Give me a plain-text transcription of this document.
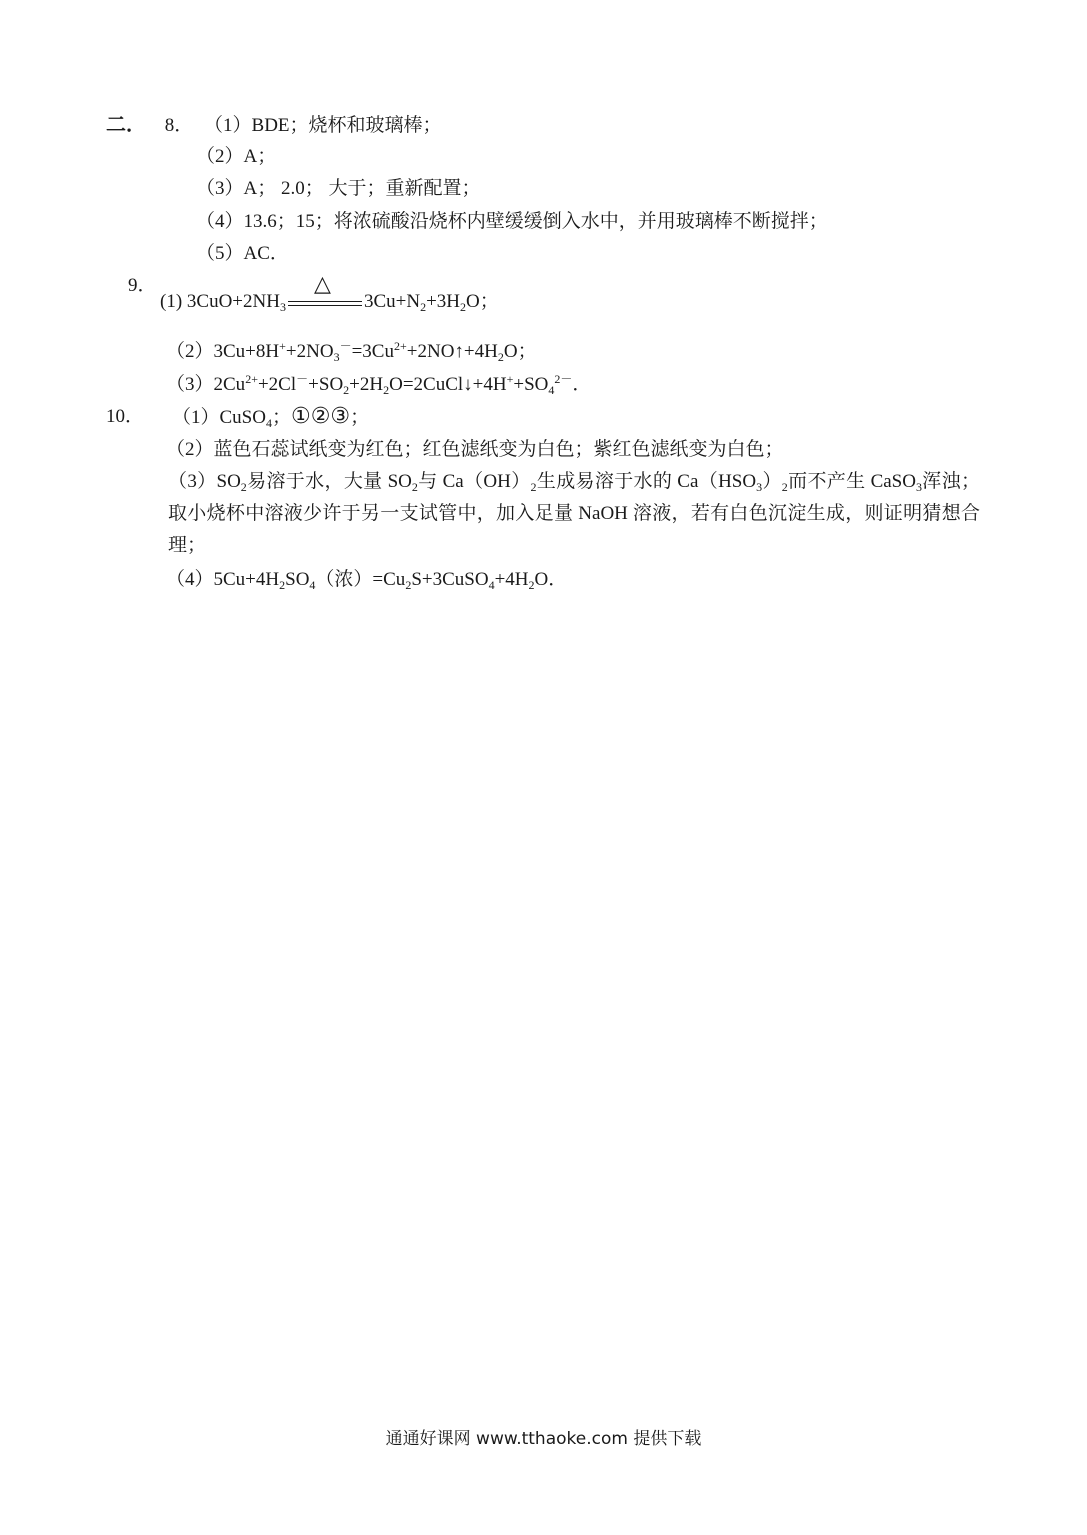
二． 8． （1）BDE；烧杯和玻璃棒；
（2）A；
（3）A； 2.0； 大于；重新配置；
（4）13.6；15；将浓硫酸沿烧杯内壁缓缓倒入水中，并用玻璃棒不断搅拌；
（5）AC．
9．
(1) $3CuO+2NH_3$
△
$3Cu+N_2+3H_2O$；
$(2)3Cu+8H^++2NO_3^-=3Cu^{2+}+2NO↑+4H_2O$；
$(3)2Cu^{2+}+2Cl^-+SO_2+2H_2O=2CuCl↓+4H^++SO_4^{2-}$．
10． （1）CuSO$_4$；①②③；
（2）蓝色石蕊试纸变为红色；红色滤纸变为白色；紫红色滤纸变为白色；
$(3)SO_2$易溶于水，大量 $SO_2$与 $Ca(OH)_2$生成易溶于水的 $Ca(HSO_3)_2$而不产生 CaSO$_3$浑浊；取小烧杯中溶液少许于另一支试管中，加入足量 NaOH 溶液，若有白色沉淀生成，则证明猜想合理；
$(4)5Cu+4H_2SO_4$（浓）$=Cu_2S+3CuSO_4+4H_2O$．
通通好课网 www.tthaoke.com 提供下载
